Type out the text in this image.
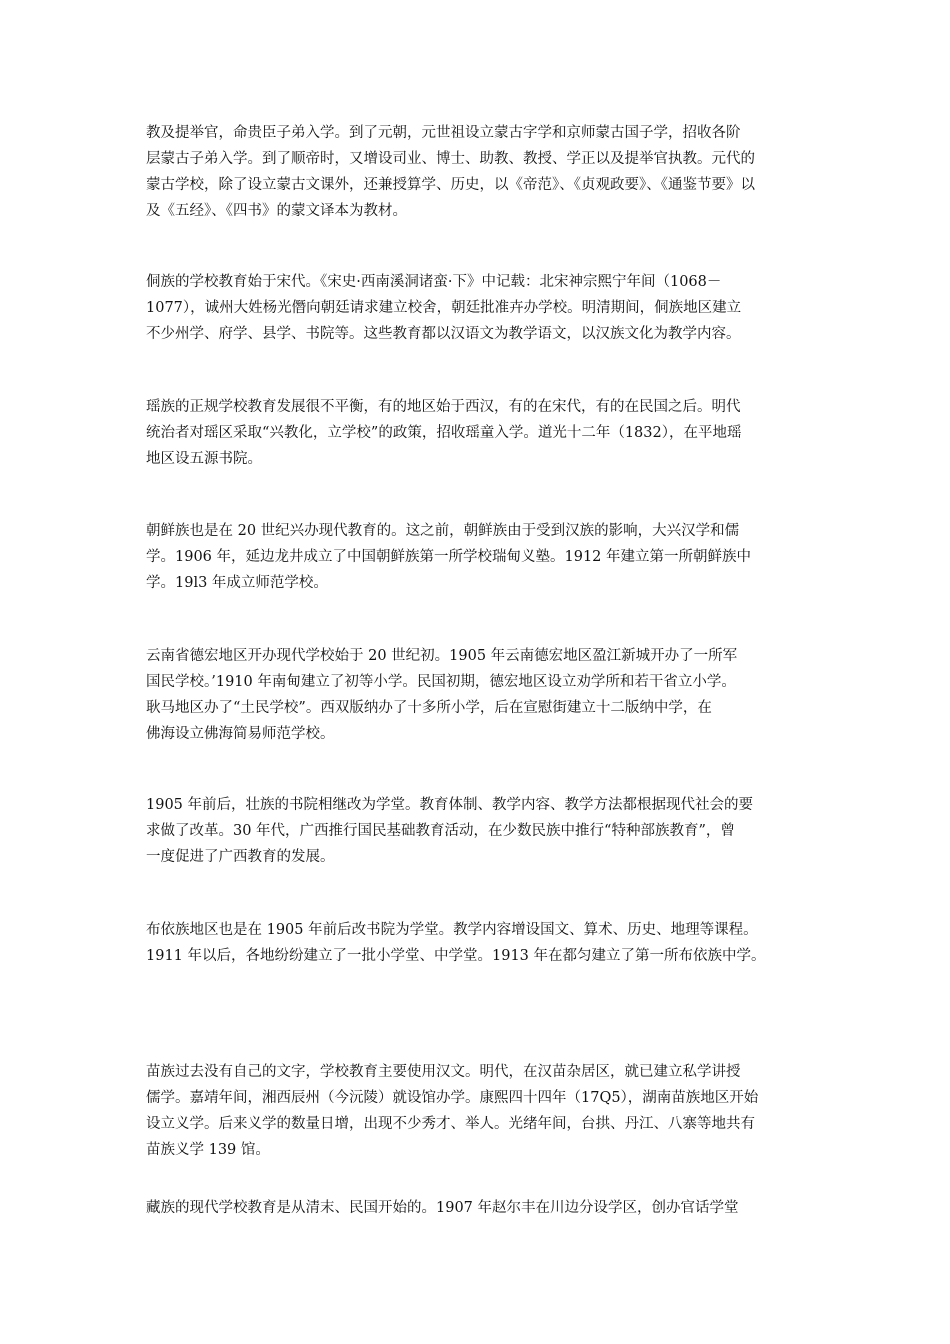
教及提举官，命贵臣子弟入学。到了元朝，元世祖设立蒙古字学和京师蒙古国子学，招收各阶
层蒙古子弟入学。到了顺帝时，又增设司业、博士、助教、教授、学正以及提举官执教。元代的
蒙古学校，除了设立蒙古文课外，还兼授算学、历史，以《帝范》、《贞观政要》、《通鉴节要》以
及《五经》、《四书》的蒙文译本为教材。
侗族的学校教育始于宋代。《宋史·西南溪洞诸蛮·下》中记载：北宋神宗熙宁年间（1068－
1077），诚州大姓杨光僭向朝廷请求建立校舍，朝廷批准卉办学校。明清期间，侗族地区建立
不少州学、府学、县学、书院等。这些教育都以汉语文为教学语文，以汉族文化为教学内容。
瑶族的正规学校教育发展很不平衡，有的地区始于西汉，有的在宋代，有的在民国之后。明代
统治者对瑶区采取“兴教化，立学校”的政策，招收瑶童入学。道光十二年（1832），在平地瑶
地区设五源书院。
朝鲜族也是在 20 世纪兴办现代教育的。这之前，朝鲜族由于受到汉族的影响，大兴汉学和儒
学。1906 年，延边龙井成立了中国朝鲜族第一所学校瑞甸义塾。1912 年建立第一所朝鲜族中
学。19l3 年成立师范学校。
云南省德宏地区开办现代学校始于 20 世纪初。1905 年云南德宏地区盈江新城开办了一所军
国民学校。’1910 年南甸建立了初等小学。民国初期，德宏地区设立劝学所和若干省立小学。
耿马地区办了“土民学校”。西双版纳办了十多所小学，后在宣慰街建立十二版纳中学，在
佛海设立佛海简易师范学校。
1905 年前后，壮族的书院相继改为学堂。教育体制、教学内容、教学方法都根据现代社会的要
求做了改革。30 年代，广西推行国民基础教育活动，在少数民族中推行“特种部族教育”，曾
一度促进了广西教育的发展。
布依族地区也是在 1905 年前后改书院为学堂。教学内容增设国文、算术、历史、地理等课程。
1911 年以后，各地纷纷建立了一批小学堂、中学堂。1913 年在都匀建立了第一所布依族中学。
苗族过去没有自己的文字，学校教育主要使用汉文。明代，在汉苗杂居区，就已建立私学讲授
儒学。嘉靖年间，湘西辰州（今沅陵）就设馆办学。康熙四十四年（17Q5），湖南苗族地区开始
设立义学。后来义学的数量日增，出现不少秀才、举人。光绪年间，台拱、丹江、八寨等地共有
苗族义学 139 馆。
藏族的现代学校教育是从清末、民国开始的。1907 年赵尔丰在川边分设学区，创办官话学堂
